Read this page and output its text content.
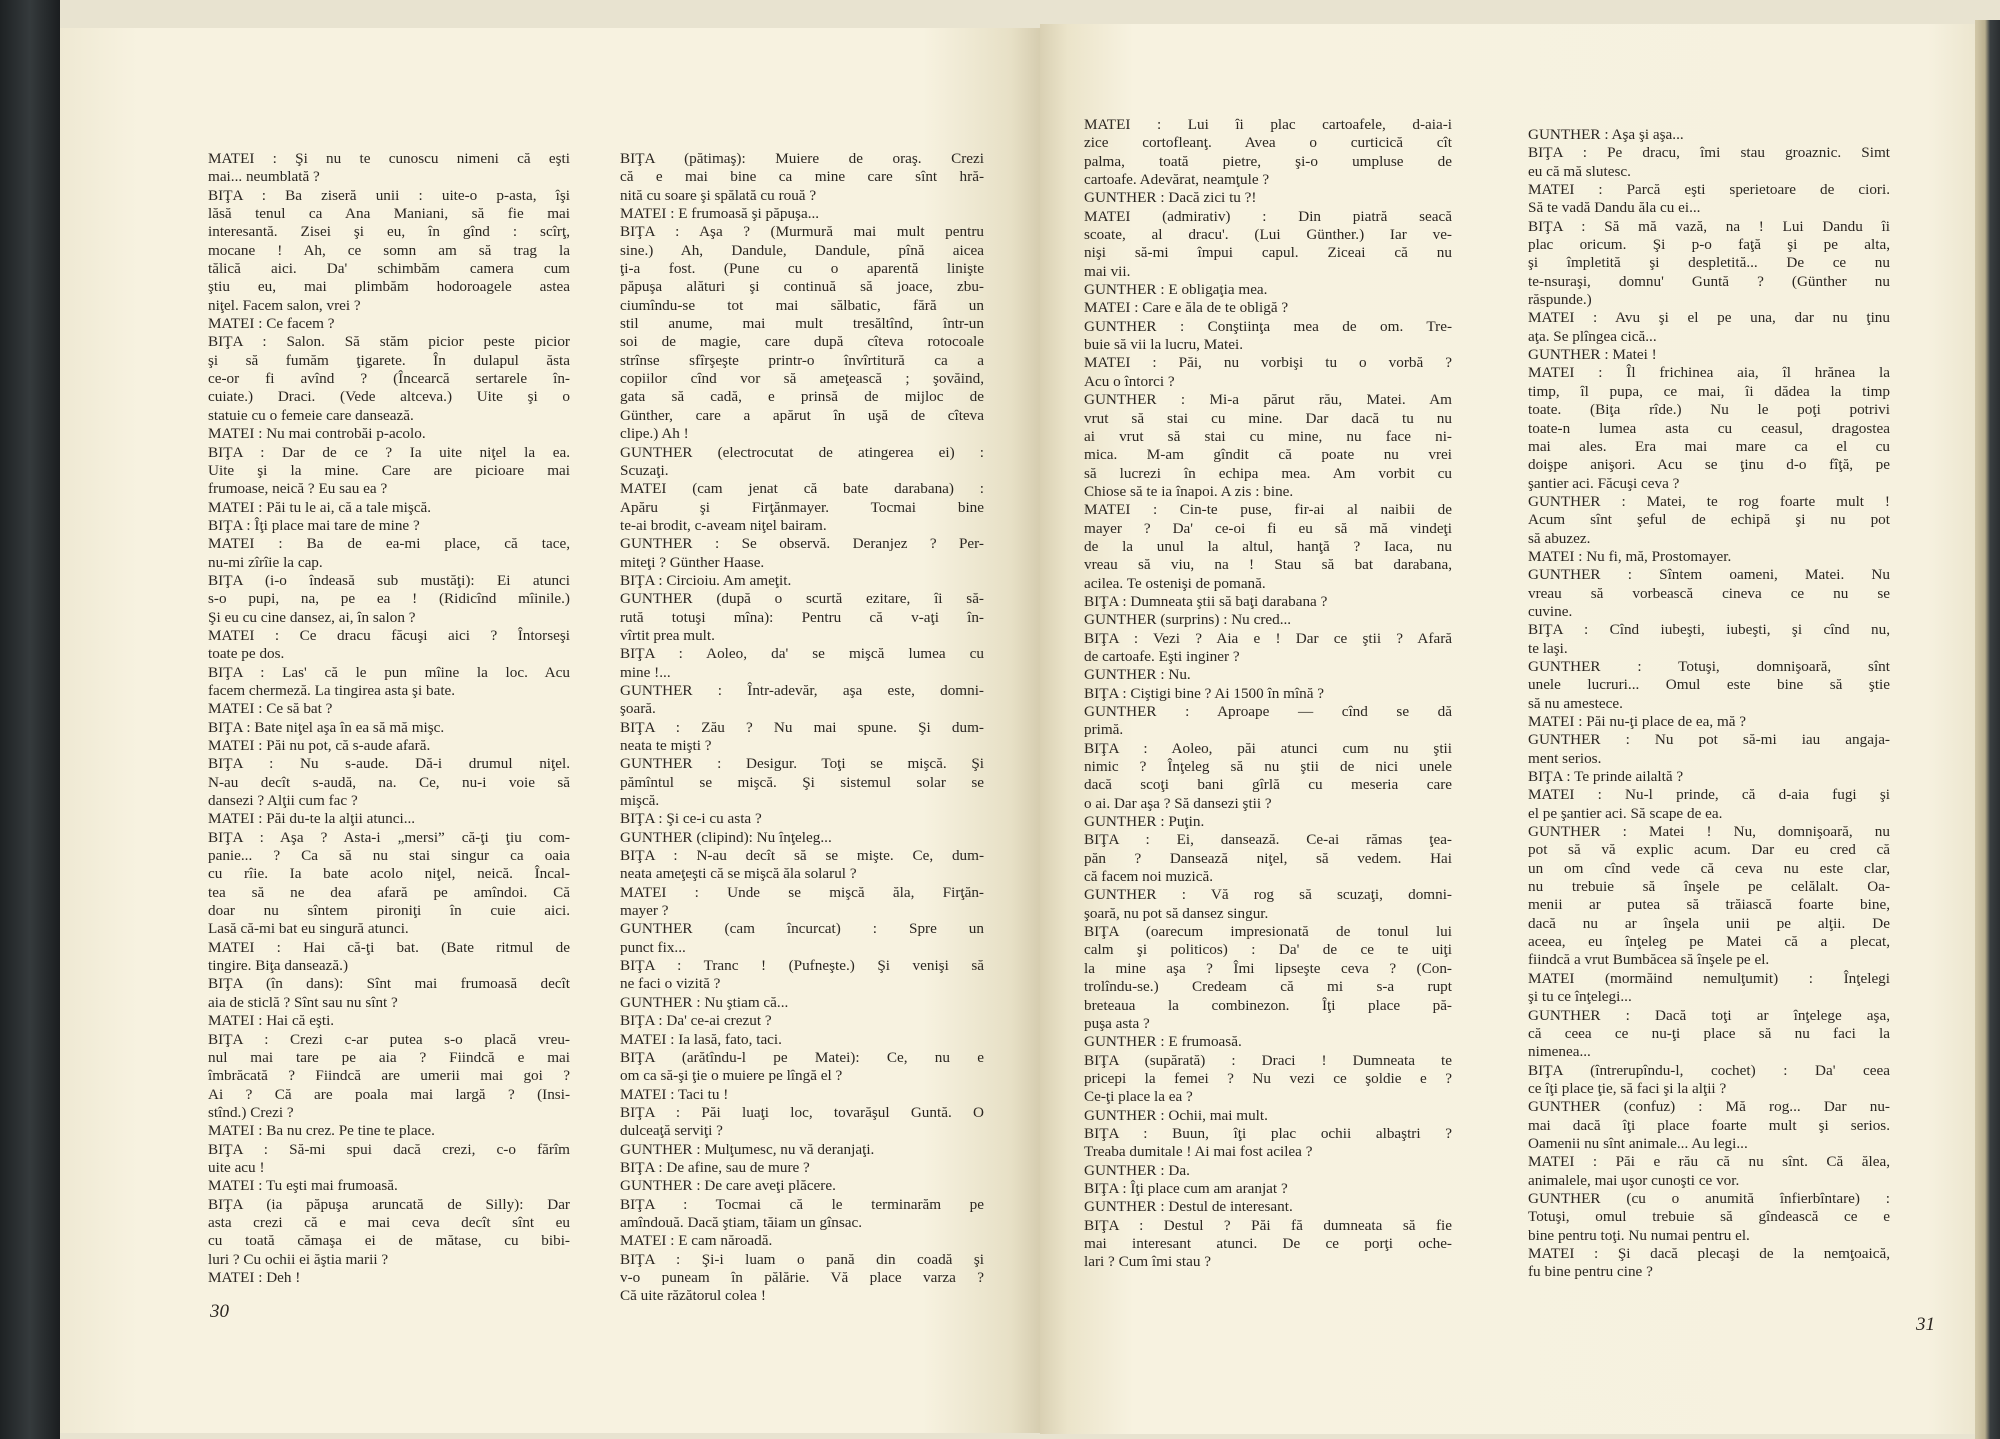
MATEI : Şi nu te cunoscu nimeni că eşti
mai... neumblată ?
BIŢA : Ba ziseră unii : uite-o p-asta, îşi
lăsă tenul ca Ana Maniani, să fie mai
interesantă. Zisei şi eu, în gînd : scîrţ,
mocane ! Ah, ce somn am să trag la
tălică aici. Da' schimbăm camera cum
ştiu eu, mai plimbăm hodoroagele astea
niţel. Facem salon, vrei ?
MATEI : Ce facem ?
BIŢA : Salon. Să stăm picior peste picior
şi să fumăm ţigarete. În dulapul ăsta
ce-or fi avînd ? (Încearcă sertarele în-
cuiate.) Draci. (Vede altceva.) Uite şi o
statuie cu o femeie care dansează.
MATEI : Nu mai controbăi p-acolo.
BIŢA : Dar de ce ? Ia uite niţel la ea.
Uite şi la mine. Care are picioare mai
frumoase, neică ? Eu sau ea ?
MATEI : Păi tu le ai, că a tale mişcă.
BIŢA : Îţi place mai tare de mine ?
MATEI : Ba de ea-mi place, că tace,
nu-mi zîrîie la cap.
BIŢA (i-o îndeasă sub mustăţi): Ei atunci
s-o pupi, na, pe ea ! (Ridicînd mîinile.)
Şi eu cu cine dansez, ai, în salon ?
MATEI : Ce dracu făcuşi aici ? Întorseşi
toate pe dos.
BIŢA : Las' că le pun mîine la loc. Acu
facem chermeză. La tingirea asta şi bate.
MATEI : Ce să bat ?
BIŢA : Bate niţel aşa în ea să mă mişc.
MATEI : Păi nu pot, că s-aude afară.
BIŢA : Nu s-aude. Dă-i drumul niţel.
N-au decît s-audă, na. Ce, nu-i voie să
dansezi ? Alţii cum fac ?
MATEI : Păi du-te la alţii atunci...
BIŢA : Aşa ? Asta-i „mersi” că-ţi ţiu com-
panie... ? Ca să nu stai singur ca oaia
cu rîie. Ia bate acolo niţel, neică. Încal-
tea să ne dea afară pe amîndoi. Că
doar nu sîntem pironiţi în cuie aici.
Lasă că-mi bat eu singură atunci.
MATEI : Hai că-ţi bat. (Bate ritmul de
tingire. Biţa dansează.)
BIŢA (în dans): Sînt mai frumoasă decît
aia de sticlă ? Sînt sau nu sînt ?
MATEI : Hai că eşti.
BIŢA : Crezi c-ar putea s-o placă vreu-
nul mai tare pe aia ? Fiindcă e mai
îmbrăcată ? Fiindcă are umerii mai goi ?
Ai ? Că are poala mai largă ? (Insi-
stînd.) Crezi ?
MATEI : Ba nu crez. Pe tine te place.
BIŢA : Să-mi spui dacă crezi, c-o fărîm
uite acu !
MATEI : Tu eşti mai frumoasă.
BIŢA (ia păpuşa aruncată de Silly): Dar
asta crezi că e mai ceva decît sînt eu
cu toată cămaşa ei de mătase, cu bibi-
luri ? Cu ochii ei ăştia marii ?
MATEI : Deh !
BIŢA (pătimaş): Muiere de oraş. Crezi
că e mai bine ca mine care sînt hră-
nită cu soare şi spălată cu rouă ?
MATEI : E frumoasă şi păpuşa...
BIŢA : Aşa ? (Murmură mai mult pentru
sine.) Ah, Dandule, Dandule, pînă aicea
ţi-a fost. (Pune cu o aparentă linişte
păpuşa alături şi continuă să joace, zbu-
ciumîndu-se tot mai sălbatic, fără un
stil anume, mai mult tresăltînd, într-un
soi de magie, care după cîteva rotocoale
strînse sfîrşeşte printr-o învîrtitură ca a
copiilor cînd vor să ameţească ; şovăind,
gata să cadă, e prinsă de mijloc de
Günther, care a apărut în uşă de cîteva
clipe.) Ah !
GUNTHER (electrocutat de atingerea ei) :
Scuzaţi.
MATEI (cam jenat că bate darabana) :
Apăru şi Firţănmayer. Tocmai bine
te-ai brodit, c-aveam niţel bairam.
GUNTHER : Se observă. Deranjez ? Per-
miteţi ? Günther Haase.
BIŢA : Circioiu. Am ameţit.
GUNTHER (după o scurtă ezitare, îi să-
rută totuşi mîna): Pentru că v-aţi în-
vîrtit prea mult.
BIŢA : Aoleo, da' se mişcă lumea cu
mine !...
GUNTHER : Într-adevăr, aşa este, domni-
şoară.
BIŢA : Zău ? Nu mai spune. Şi dum-
neata te mişti ?
GUNTHER : Desigur. Toţi se mişcă. Şi
pămîntul se mişcă. Şi sistemul solar se
mişcă.
BIŢA : Şi ce-i cu asta ?
GUNTHER (clipind): Nu înţeleg...
BIŢA : N-au decît să se mişte. Ce, dum-
neata ameţeşti că se mişcă ăla solarul ?
MATEI : Unde se mişcă ăla, Firţăn-
mayer ?
GUNTHER (cam încurcat) : Spre un
punct fix...
BIŢA : Tranc ! (Pufneşte.) Şi venişi să
ne faci o vizită ?
GUNTHER : Nu ştiam că...
BIŢA : Da' ce-ai crezut ?
MATEI : Ia lasă, fato, taci.
BIŢA (arătîndu-l pe Matei): Ce, nu e
om ca să-şi ţie o muiere pe lîngă el ?
MATEI : Taci tu !
BIŢA : Păi luaţi loc, tovarăşul Guntă. O
dulceaţă serviţi ?
GUNTHER : Mulţumesc, nu vă deranjaţi.
BIŢA : De afine, sau de mure ?
GUNTHER : De care aveţi plăcere.
BIŢA : Tocmai că le terminarăm pe
amîndouă. Dacă ştiam, tăiam un gînsac.
MATEI : E cam năroadă.
BIŢA : Şi-i luam o pană din coadă şi
v-o puneam în pălărie. Vă place varza ?
Că uite răzătorul colea !
30
MATEI : Lui îi plac cartoafele, d-aia-i
zice cortofleanţ. Avea o curticică cît
palma, toată pietre, şi-o umpluse de
cartoafe. Adevărat, neamţule ?
GUNTHER : Dacă zici tu ?!
MATEI (admirativ) : Din piatră seacă
scoate, al dracu'. (Lui Günther.) Iar ve-
nişi să-mi împui capul. Ziceai că nu
mai vii.
GUNTHER : E obligaţia mea.
MATEI : Care e ăla de te obligă ?
GUNTHER : Conştiinţa mea de om. Tre-
buie să vii la lucru, Matei.
MATEI : Păi, nu vorbişi tu o vorbă ?
Acu o întorci ?
GUNTHER : Mi-a părut rău, Matei. Am
vrut să stai cu mine. Dar dacă tu nu
ai vrut să stai cu mine, nu face ni-
mica. M-am gîndit că poate nu vrei
să lucrezi în echipa mea. Am vorbit cu
Chiose să te ia înapoi. A zis : bine.
MATEI : Cin-te puse, fir-ai al naibii de
mayer ? Da' ce-oi fi eu să mă vindeţi
de la unul la altul, hanţă ? Iaca, nu
vreau să viu, na ! Stau să bat darabana,
acilea. Te ostenişi de pomană.
BIŢA : Dumneata ştii să baţi darabana ?
GUNTHER (surprins) : Nu cred...
BIŢA : Vezi ? Aia e ! Dar ce ştii ? Afară
de cartoafe. Eşti inginer ?
GUNTHER : Nu.
BIŢA : Ciştigi bine ? Ai 1500 în mînă ?
GUNTHER : Aproape — cînd se dă
primă.
BIŢA : Aoleo, păi atunci cum nu ştii
nimic ? Înţeleg să nu ştii de nici unele
dacă scoţi bani gîrlă cu meseria care
o ai. Dar aşa ? Să dansezi ştii ?
GUNTHER : Puţin.
BIŢA : Ei, dansează. Ce-ai rămas ţea-
păn ? Dansează niţel, să vedem. Hai
că facem noi muzică.
GUNTHER : Vă rog să scuzaţi, domni-
şoară, nu pot să dansez singur.
BIŢA (oarecum impresionată de tonul lui
calm şi politicos) : Da' de ce te uiţi
la mine aşa ? Îmi lipseşte ceva ? (Con-
trolîndu-se.) Credeam că mi s-a rupt
breteaua la combinezon. Îţi place pă-
puşa asta ?
GUNTHER : E frumoasă.
BIŢA (supărată) : Draci ! Dumneata te
pricepi la femei ? Nu vezi ce şoldie e ?
Ce-ţi place la ea ?
GUNTHER : Ochii, mai mult.
BIŢA : Buun, îţi plac ochii albaştri ?
Treaba dumitale ! Ai mai fost acilea ?
GUNTHER : Da.
BIŢA : Îţi place cum am aranjat ?
GUNTHER : Destul de interesant.
BIŢA : Destul ? Păi fă dumneata să fie
mai interesant atunci. De ce porţi oche-
lari ? Cum îmi stau ?
GUNTHER : Aşa şi aşa...
BIŢA : Pe dracu, îmi stau groaznic. Simt
eu că mă slutesc.
MATEI : Parcă eşti sperietoare de ciori.
Să te vadă Dandu ăla cu ei...
BIŢA : Să mă vază, na ! Lui Dandu îi
plac oricum. Şi p-o faţă şi pe alta,
şi împletită şi despletită... De ce nu
te-nsuraşi, domnu' Guntă ? (Günther nu
răspunde.)
MATEI : Avu şi el pe una, dar nu ţinu
aţa. Se plîngea cică...
GUNTHER : Matei !
MATEI : Îl frichinea aia, îl hrănea la
timp, îl pupa, ce mai, îi dădea la timp
toate. (Biţa rîde.) Nu le poţi potrivi
toate-n lumea asta cu ceasul, dragostea
mai ales. Era mai mare ca el cu
doişpe anişori. Acu se ţinu d-o fîţă, pe
şantier aci. Făcuşi ceva ?
GUNTHER : Matei, te rog foarte mult !
Acum sînt şeful de echipă şi nu pot
să abuzez.
MATEI : Nu fi, mă, Prostomayer.
GUNTHER : Sîntem oameni, Matei. Nu
vreau să vorbească cineva ce nu se
cuvine.
BIŢA : Cînd iubeşti, iubeşti, şi cînd nu,
te laşi.
GUNTHER : Totuşi, domnişoară, sînt
unele lucruri... Omul este bine să ştie
să nu amestece.
MATEI : Păi nu-ţi place de ea, mă ?
GUNTHER : Nu pot să-mi iau angaja-
ment serios.
BIŢA : Te prinde ailaltă ?
MATEI : Nu-l prinde, că d-aia fugi şi
el pe şantier aci. Să scape de ea.
GUNTHER : Matei ! Nu, domnişoară, nu
pot să vă explic acum. Dar eu cred că
un om cînd vede că ceva nu este clar,
nu trebuie să înşele pe celălalt. Oa-
menii ar putea să trăiască foarte bine,
dacă nu ar înşela unii pe alţii. De
aceea, eu înţeleg pe Matei că a plecat,
fiindcă a vrut Bumbăcea să înşele pe el.
MATEI (mormăind nemulţumit) : Înţelegi
şi tu ce înţelegi...
GUNTHER : Dacă toţi ar înţelege aşa,
că ceea ce nu-ţi place să nu faci la
nimenea...
BIŢA (întrerupîndu-l, cochet) : Da' ceea
ce îţi place ţie, să faci şi la alţii ?
GUNTHER (confuz) : Mă rog... Dar nu-
mai dacă îţi place foarte mult şi serios.
Oamenii nu sînt animale... Au legi...
MATEI : Păi e rău că nu sînt. Că ălea,
animalele, mai uşor cunoşti ce vor.
GUNTHER (cu o anumită înfierbîntare) :
Totuşi, omul trebuie să gîndească ce e
bine pentru toţi. Nu numai pentru el.
MATEI : Şi dacă plecaşi de la nemţoaică,
fu bine pentru cine ?
31
